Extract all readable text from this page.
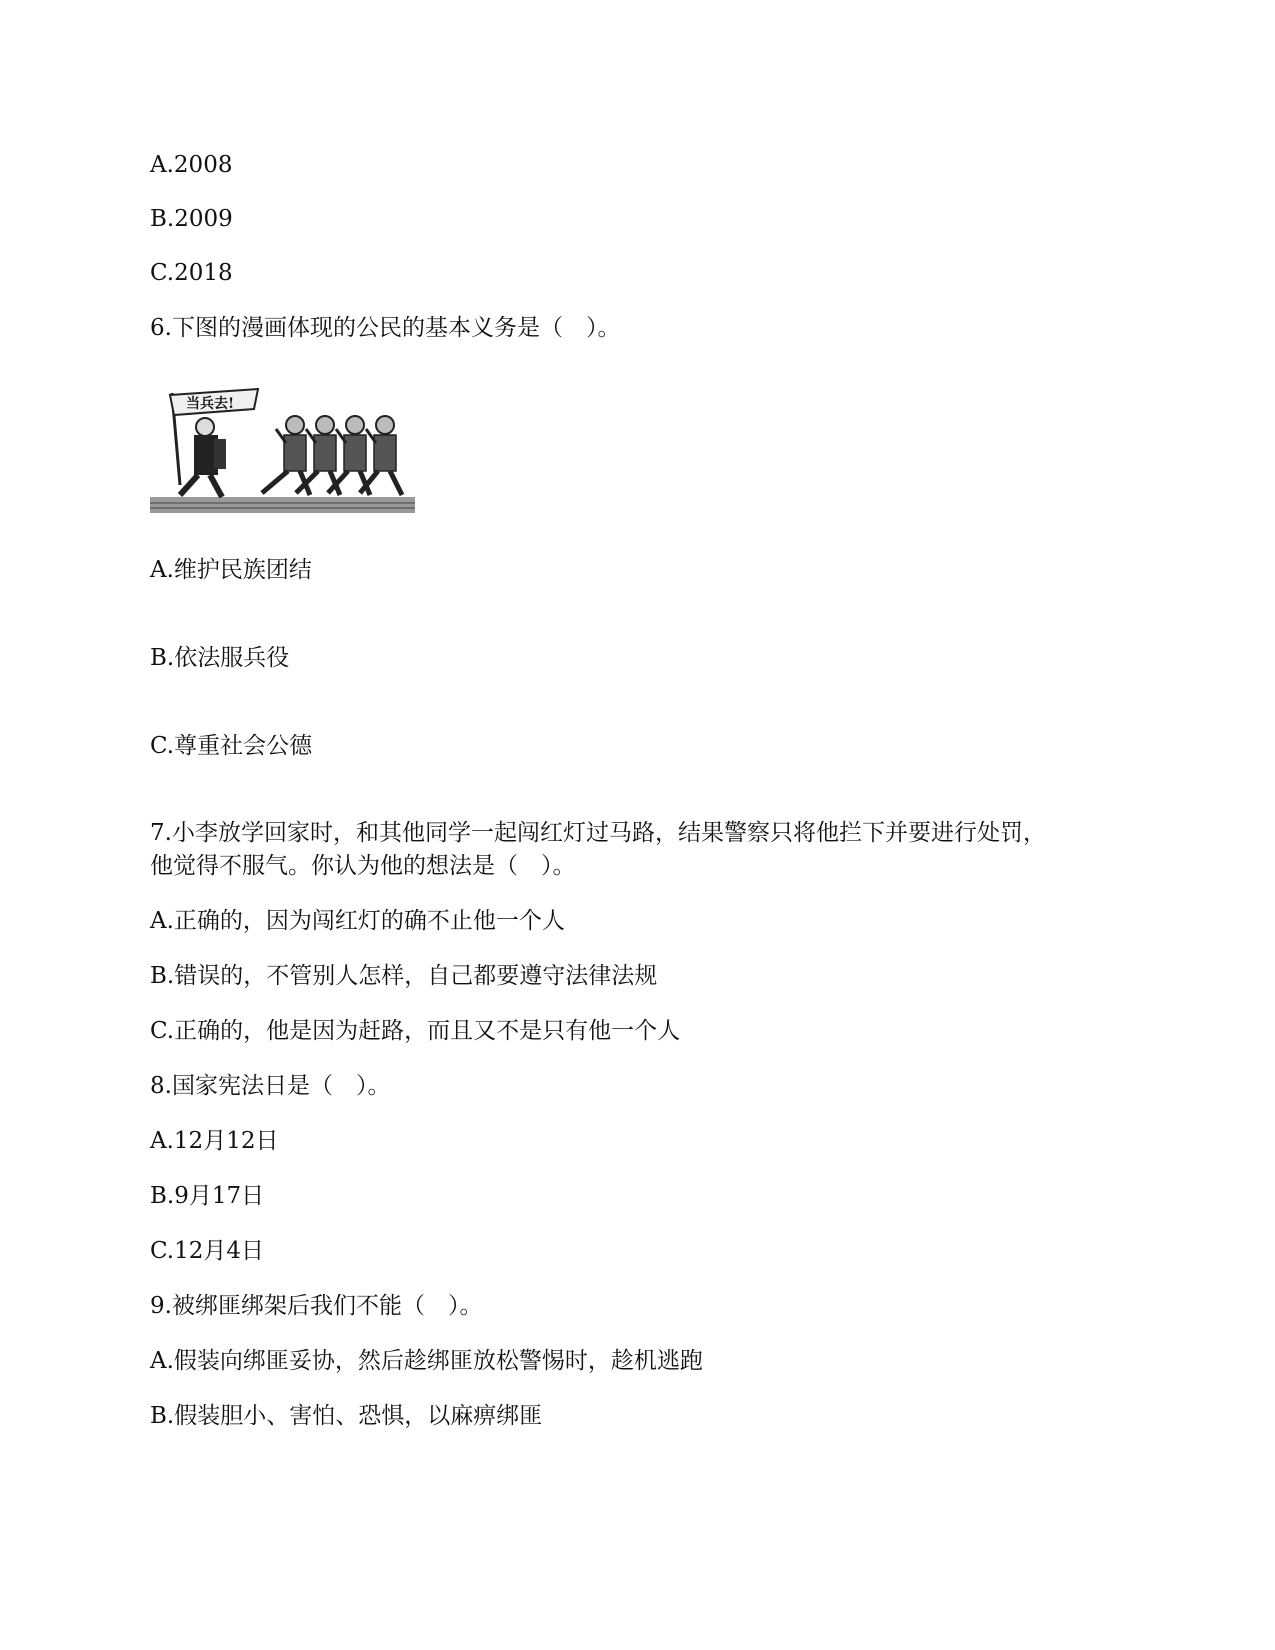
A.2008
B.2009
C.2018
6.下图的漫画体现的公民的基本义务是（　）。
当兵去!
A.维护民族团结
B.依法服兵役
C.尊重社会公德
7.小李放学回家时，和其他同学一起闯红灯过马路，结果警察只将他拦下并要进行处罚，
他觉得不服气。你认为他的想法是（　）。
A.正确的，因为闯红灯的确不止他一个人
B.错误的，不管别人怎样，自己都要遵守法律法规
C.正确的，他是因为赶路，而且又不是只有他一个人
8.国家宪法日是（　）。
A.12月12日
B.9月17日
C.12月4日
9.被绑匪绑架后我们不能（　）。
A.假装向绑匪妥协，然后趁绑匪放松警惕时，趁机逃跑
B.假装胆小、害怕、恐惧，以麻痹绑匪
